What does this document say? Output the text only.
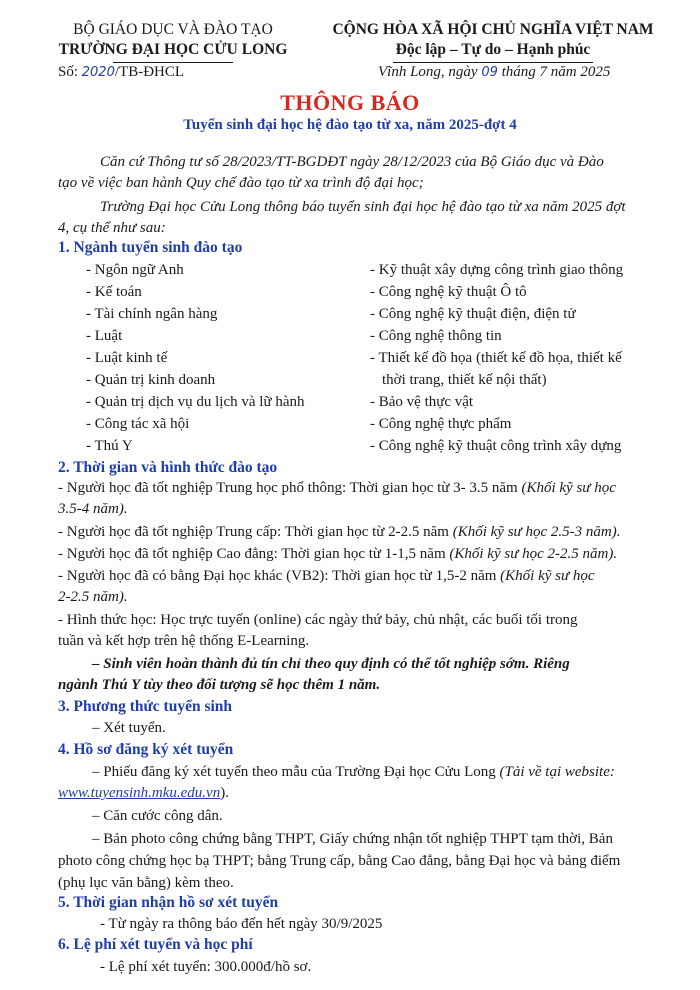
BỘ GIÁO DỤC VÀ ĐÀO TẠO
TRƯỜNG ĐẠI HỌC CỬU LONG
CỘNG HÒA XÃ HỘI CHỦ NGHĨA VIỆT NAM
Độc lập – Tự do – Hạnh phúc
Số: 2020/TB-ĐHCL	Vĩnh Long, ngày 09 tháng 7 năm 2025
THÔNG BÁO
Tuyển sinh đại học hệ đào tạo từ xa, năm 2025-đợt 4
Căn cứ Thông tư số 28/2023/TT-BGDĐT ngày 28/12/2023 của Bộ Giáo dục và Đào
tạo về việc ban hành Quy chế đào tạo từ xa trình độ đại học;
Trường Đại học Cửu Long thông báo tuyển sinh đại học hệ đào tạo từ xa năm 2025 đợt
4, cụ thể như sau:
1. Ngành tuyển sinh đào tạo
- Ngôn ngữ Anh
- Kế toán
- Tài chính ngân hàng
- Luật
- Luật kinh tế
- Quản trị kinh doanh
- Quản trị dịch vụ du lịch và lữ hành
- Công tác xã hội
- Thú Y
- Kỹ thuật xây dựng công trình giao thông
- Công nghệ kỹ thuật Ô tô
- Công nghệ kỹ thuật điện, điện tử
- Công nghệ thông tin
- Thiết kế đồ họa (thiết kế đồ họa, thiết kế
thời trang, thiết kế nội thất)
- Bảo vệ thực vật
- Công nghệ thực phẩm
- Công nghệ kỹ thuật công trình xây dựng
2. Thời gian và hình thức đào tạo
- Người học đã tốt nghiệp Trung học phổ thông: Thời gian học từ 3- 3.5 năm (Khối kỹ sư học
3.5-4 năm).
- Người học đã tốt nghiệp Trung cấp: Thời gian học từ 2-2.5 năm (Khối kỹ sư học 2.5-3 năm).
- Người học đã tốt nghiệp Cao đẳng: Thời gian học từ 1-1,5 năm (Khối kỹ sư học 2-2.5 năm).
- Người học đã có bằng Đại học khác (VB2): Thời gian học từ 1,5-2 năm (Khối kỹ sư học
2-2.5 năm).
- Hình thức học: Học trực tuyến (online) các ngày thứ bảy, chủ nhật, các buổi tối trong
tuần và kết hợp trên hệ thống E-Learning.
– Sinh viên hoàn thành đủ tín chỉ theo quy định có thể tốt nghiệp sớm. Riêng
ngành Thú Y tùy theo đối tượng sẽ học thêm 1 năm.
3. Phương thức tuyển sinh
– Xét tuyển.
4. Hồ sơ đăng ký xét tuyển
– Phiếu đăng ký xét tuyển theo mẫu của Trường Đại học Cửu Long (Tải về tại website:
www.tuyensinh.mku.edu.vn).
– Căn cước công dân.
– Bản photo công chứng bằng THPT, Giấy chứng nhận tốt nghiệp THPT tạm thời, Bản
photo công chứng học bạ THPT; bằng Trung cấp, bằng Cao đẳng, bằng Đại học và bảng điểm
(phụ lục văn bằng) kèm theo.
5. Thời gian nhận hồ sơ xét tuyển
- Từ ngày ra thông báo đến hết ngày 30/9/2025
6. Lệ phí xét tuyển và học phí
- Lệ phí xét tuyển: 300.000đ/hồ sơ.
